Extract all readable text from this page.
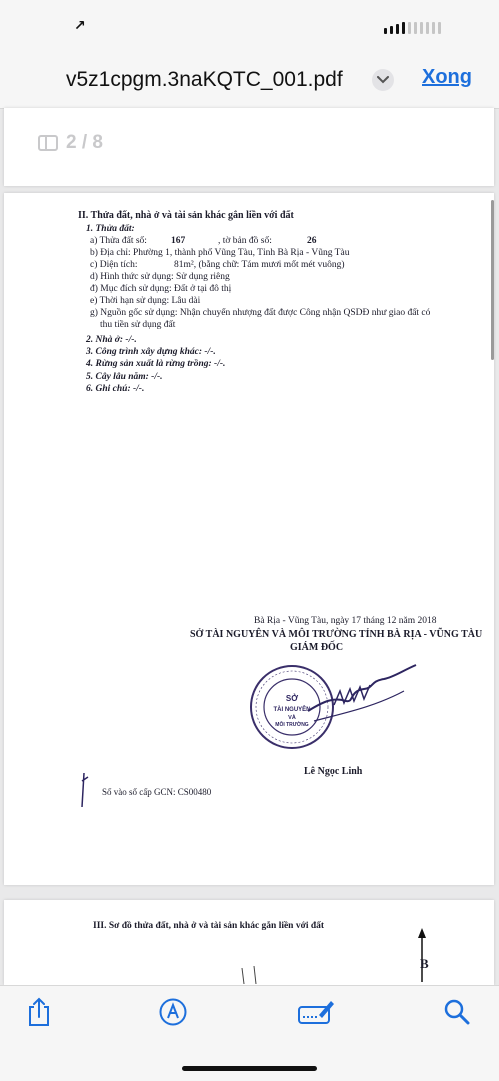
↗
v5z1cpgm.3naKQTC_001.pdf	Xong
2 / 8
II. Thửa đất, nhà ở và tài sản khác gắn liền với đất
1. Thửa đất:
a) Thửa đất số:	167	, tờ bản đồ số:	26
b) Địa chỉ: Phường 1, thành phố Vũng Tàu, Tỉnh Bà Rịa - Vũng Tàu
c) Diện tích:	81m², (bằng chữ: Tám mươi mốt mét vuông)
d) Hình thức sử dụng: Sử dụng riêng
đ) Mục đích sử dụng: Đất ở tại đô thị
e) Thời hạn sử dụng: Lâu dài
g) Nguồn gốc sử dụng: Nhận chuyển nhượng đất được Công nhận QSDĐ như giao đất có
thu tiền sử dụng đất
2. Nhà ở: -/-.
3. Công trình xây dựng khác: -/-.
4. Rừng sản xuất là rừng trồng: -/-.
5. Cây lâu năm: -/-.
6. Ghi chú: -/-.
Bà Rịa - Vũng Tàu, ngày 17 tháng 12 năm 2018
SỞ TÀI NGUYÊN VÀ MÔI TRƯỜNG TỈNH BÀ RỊA - VŨNG TÀU
GIÁM ĐỐC
SỞ
TÀI NGUYÊN
VÀ
MÔI TRƯỜNG
Lê Ngọc Linh
Số vào sổ cấp GCN: CS00480
III. Sơ đồ thửa đất, nhà ở và tài sản khác gắn liền với đất
B
